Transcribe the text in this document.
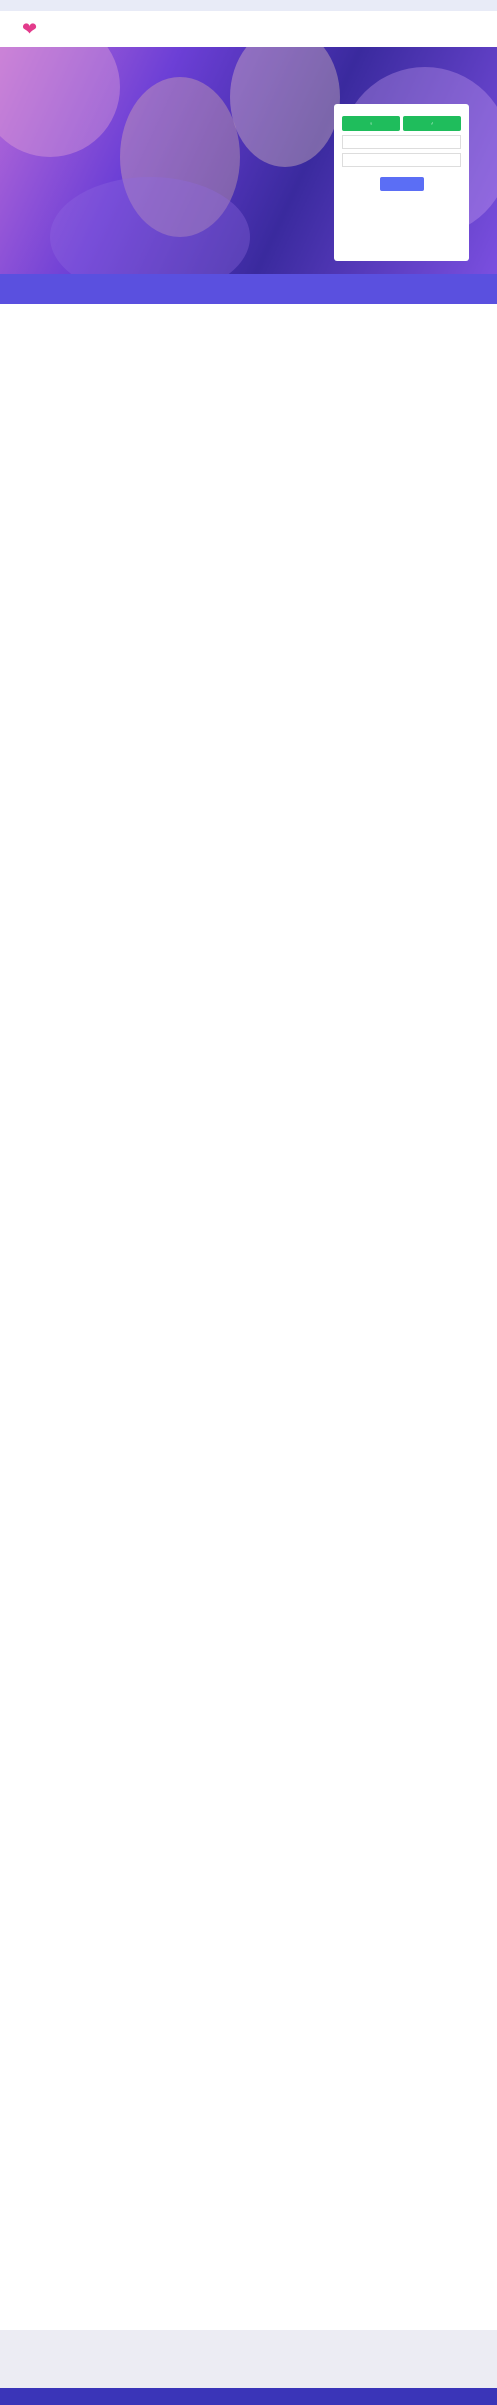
❤

♀	♂
